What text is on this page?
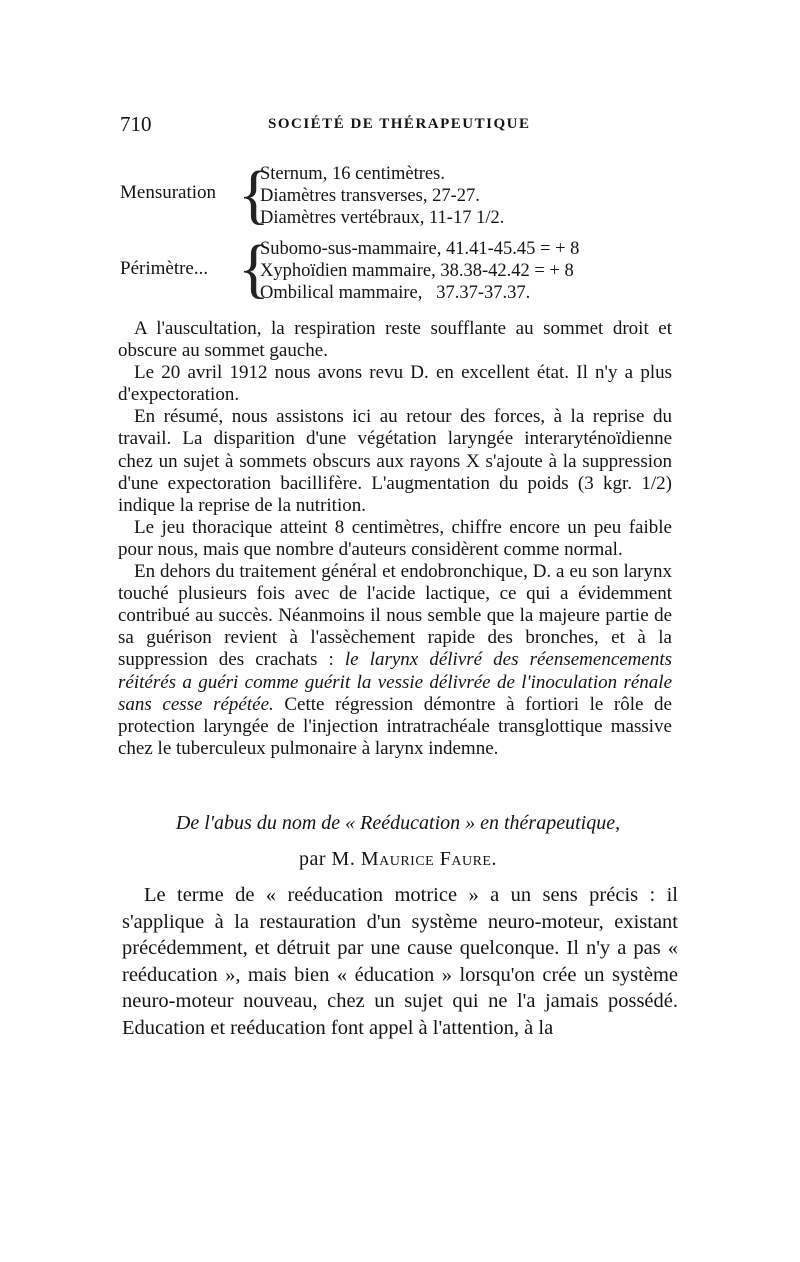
710	SOCIÉTÉ DE THÉRAPEUTIQUE
Mensuration {
Sternum, 16 centimètres.
Diamètres transverses, 27-27.
Diamètres vertébraux, 11-17 1/2.
Périmètre... {
Subomo-sus-mammaire, 41.41-45.45 = + 8
Xyphoïdien mammaire, 38.38-42.42 = + 8
Ombilical mammaire,   37.37-37.37.

A l'auscultation, la respiration reste soufflante au sommet droit et obscure au sommet gauche.

Le 20 avril 1912 nous avons revu D. en excellent état. Il n'y a plus d'expectoration.

En résumé, nous assistons ici au retour des forces, à la reprise du travail. La disparition d'une végétation laryngée interaryténoïdienne chez un sujet à sommets obscurs aux rayons X s'ajoute à la suppression d'une expectoration bacillifère. L'augmentation du poids (3 kgr. 1/2) indique la reprise de la nutrition.

Le jeu thoracique atteint 8 centimètres, chiffre encore un peu faible pour nous, mais que nombre d'auteurs considèrent comme normal.

En dehors du traitement général et endobronchique, D. a eu son larynx touché plusieurs fois avec de l'acide lactique, ce qui a évidemment contribué au succès. Néanmoins il nous semble que la majeure partie de sa guérison revient à l'assèchement rapide des bronches, et à la suppression des crachats : le larynx délivré des réensemencements réitérés a guéri comme guérit la vessie délivrée de l'inoculation rénale sans cesse répétée. Cette régression démontre à fortiori le rôle de protection laryngée de l'injection intratrachéale transglottique massive chez le tuberculeux pulmonaire à larynx indemne.

De l'abus du nom de « Reéducation » en thérapeutique,
par M. Maurice Faure.

Le terme de « reéducation motrice » a un sens précis : il s'applique à la restauration d'un système neuro-moteur, existant précédemment, et détruit par une cause quelconque. Il n'y a pas « reéducation », mais bien « éducation » lorsqu'on crée un système neuro-moteur nouveau, chez un sujet qui ne l'a jamais possédé. Education et reéducation font appel à l'attention, à la
